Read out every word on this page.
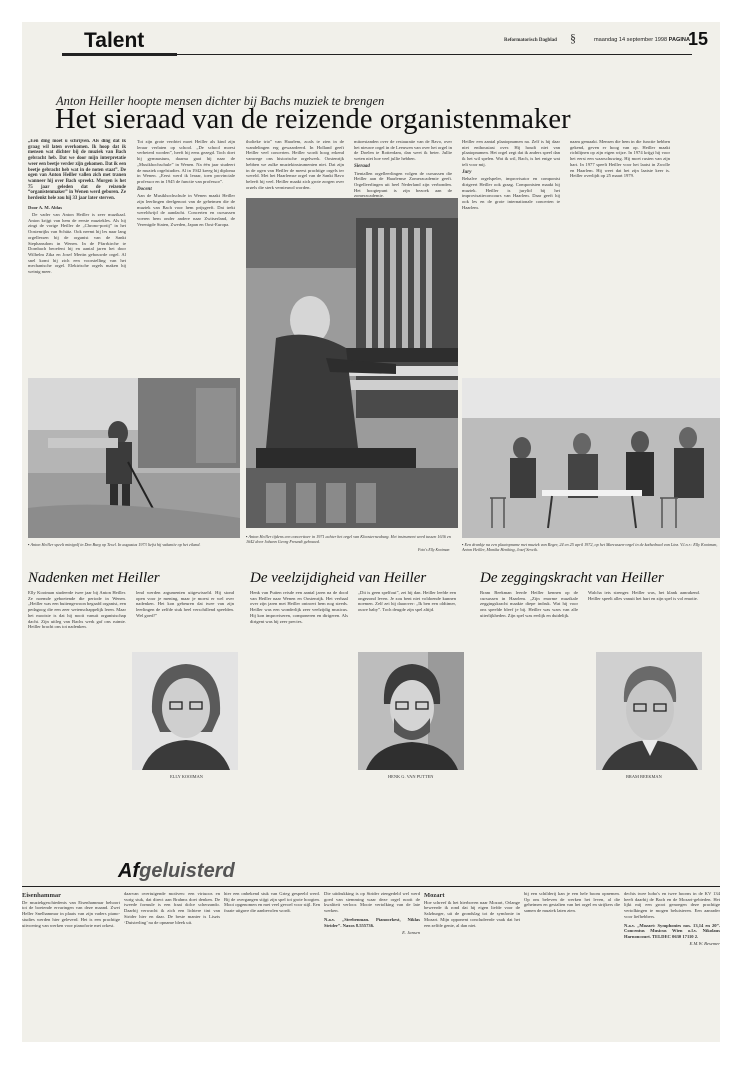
Talent	Reformatorisch Dagblad §	maandag 14 september 1998 PAGINA
15
Anton Heiller hoopte mensen dichter bij Bachs muziek te brengen
Het sieraad van de reizende organistenmaker

„Eén ding moet u schrijven. Als ding dat ik graag wil laten overkomen. Ik hoop dat ik mensen wat dichter bij de muziek van Bach gebracht heb. Dat we door mijn interpretatie weer een beetje verder zijn gekomen. Dat ik een beetje gebracht heb wat in de noten staat”. De ogen van Anton Heiller vallen zich met tranen wanneer hij over Bach spreekt. Morgen is het 75 jaar geleden dat de reizende “organistenmaker” in Wenen werd geboren. Ze herdenkt hele zou hij 33 jaar later sterven.

Door A. M. Ablas

De vader van Anton Heiller is zeer muzikaal. Anton krijgt van hem de eerste muziekles. Als hij zingt de vorige Heiller de „Chrono-portij” in het Oostenrijks van Schütz. Ook neemt hij les naar lang orgellessen bij de organist van de Sankt Stephansdom in Wenen. In de Pfarrkirche te Dornbach beoefent hij en aantal jaren het door Wilhelm Zika en Josef Mertin gebouwde orgel. Al snel komt hij zich een voorstelling van het mechanische orgel. Elektrische orgels maken hij weinig meer.

Tot zijn grote verdriet moet Heiller als kind zijn leraar verlaten op school. „De school moest verbeterd worden”, heeft hij eens gezegd. Toch doet hij gymnasium, daarna gaat hij naar de „Musikhochschule” in Wenen. Na één jaar studeert de muziek orgelstudies. Al in 1942 kreeg hij diploma in Wenen. „Eerst werd ik leraar, toen provinciale professor en in 1945 de functie van professor”.

Docent

Aan de Musikhochschule in Wenen maakt Heiller zijn leerlingen deelgenoot van de geheimen die de muziek van Bach voor hem prijsgeeft. Dat trekt wereldwijd de aandacht. Concerten en cursussen voeren hem onder andere naar Zwitserland, de Verenigde Staten, Zweden, Japan en Oost-Europa.

tholieke trio” van Haarlem, zoals te zien in de wandelingen erg gewaardeerd. In Holland geeft Heiller veel concerten. Heiller wordt hoog erkend vanwege ons historische orgelwerk. Oostenrijk hebben we zulke muziekinstrumenten niet. Dat zijn in de ogen van Heiller de meest prachtige orgels ter wereld. Met het Haarlemse orgel van de Sankt Bavo beleeft hij veel. Heiller maakt zich grote zorgen over orgels die sterk vernieuwd worden.

mitoestanden over de restauratie van de Bavo, over het nieuwe orgel in de Leeuwen van over het orgel in de Doelen te Rotterdam, dan weet ik beter. Jullie weten niet hoe veel jullie hebben.

Sieraad

Tientallen orgelleerlingen volgen de cursussen die Heiller aan de Haarlemse Zomeracademie geeft. Orgelleerlingen uit heel Nederland zijn verbonden. Het hoogtepunt is zijn bezoek aan de zomeracademie.

Heiller een aantal plaatopnamen na. Zelf is hij daar niet enthousiast over. Hij houdt niet van plaatopnamen. Het orgel zegt dat ik anders speel dan ik het wil spelen. Wat ik wil, Bach, is het enige wat telt voor mij.

Jury

Behalve orgelspeler, improvisator en componist dirigeert Heiller ook graag. Componisten maakt hij muziek. Heiller is jurylid bij het improvisatieconcours van Haarlem. Daar geeft hij ook les en de grote internationale concerten te Haarlem.

naam gemaakt. Mensen die hem in die functie hebben gekend, geven er hoog van op. Heiller maakt richtlijnen op zijn eigen wijze. In 1974 krijgt hij voor het eerst een waarschuwing. Hij moet rusten van zijn hart. In 1977 speelt Heiller voor het laatst in Zwolle en Haarlem. Hij weet dat het zijn laatste keer is. Heiller overlijdt op 25 maart 1979.

▪ Anton Heiller tijdens een concerttoer in 1971 achter het orgel van Kloosterneuburg. Het instrument werd tussen 1636 en 1642 door Johann Georg Freundt gebouwd.
Foto's Elly Kooiman
▪ Anton Heiller speelt minigolf in Den Burg op Texel. In augustus 1973 liefst hij vakantie op het eiland.	▪ Een drankje na een plaatopname met muziek van Reger, 24 en 25 april 1972, op het Marcussen-orgel in de kathedraal van Linz. V.l.n.r.: Elly Kooiman, Anton Heiller, Monika Henking, Josef Sevcik.
Nadenken met Heiller

Elly Kooiman studeerde twee jaar bij Anton Heiller. Ze noemde geboeiende die periode in Wenen. „Heiller was een buitengewoon begaafd organist, een pedagoog die een zeer wetenschappelijk leren. Maar het mooiste is dat hij nooit vanuit organistschap dacht. Zijn uitleg van Bachs werk gaf ons ruimte. Heiller bracht ons tot nadenken.

lend werden argumenten uitgewisseld. Hij stond open voor je mening, maar je moest er wel over nadenken. Het kon gebeuren dat twee van zijn leerlingen de zelfde stuk heel verschillend speelden. Wel goed!”

ELLY KOOIMAN
De veelzijdigheid van Heiller

Henk van Putten reisde een aantal jaren na de dood van Heiller naar Wenen en Oostenrijk. Het verhaal over zijn jaren met Heiller ontroert hem nog steeds. Heiller was een wonderlijk zeer veelzijdig musicus. Hij kon improviseren, componeren en dirigeren. Als dirigent was hij zeer precies.

„Dit is geen spelfout”, zei hij dan. Heiller leefde een ongezond leven. Je zou bent niet voldoende kunnen noemen. Zelf zei hij daarover: „Ik ben een oldtimer, ouwe baby”. Toch deugde zijn spel altijd.

HENK G. VAN PUTTEN
De zeggingskracht van Heiller

Bram Beekman leerde Heiller kennen op de cursussen in Haarlem. „Zijn enorme muzikale zeggingskracht maakte diepe indruk. Wat hij voor ons speelde bleef je bij. Heiller was wars van alle uiterlijkheden. Zijn spel was eerlijk en duidelijk.

Walcha iets strenger. Heiller was, het klank aanrakend. Heiller speelt alles vanuit het hart en zijn spel is vol emotie.

BRAM BEEKMAN
Afgeluisterd
Eisenhammar

De muziekgeschiedenis van Eisenhammar behoort tot de boeiende ervaringen van deze maand. Zwei Heller Snelhammar in plaats van zijn vaders piano-studies werden hier geleverd. Het is een prachtige uitvoering van werken voor pianoforte met orkest.

daarvan overtuigende motiven: een virtuoos en vurig stuk, dat direct aan Brahms doet denken. De tweede formule is een fraai dolce scherzando. Daarbij verwacht ik zich een lichtere tint van Strider hier en daar. De beste manier is Liszts ‘Duisterling’ na de opname bleek uit.

hier een onbekend stuk van Grieg gespeeld werd. Bij de overgangen stijgt zijn spel tot grote hoogten. Mooi opgenomen en met veel gevoel voor stijl. Een fraaie uitgave die aanbevolen wordt.

Die uitdrukking is op Strider ziengedeld wel werd goed van stemming waar deze orgel nooit de kwaliteit verloor. Mooie vertolking van de late werken.

N.a.v. „Strebenman. Pianoorkest, Niklas Strider”. Naxos 8.555736.

E. Jansen

Mozart

Hoe schreef ik het hierboven naar Mozart, Orlange beweerde ik rond dat hij eigen liefde voor de Salzburger, uit de grondslag tot de symfonie in Mozart. Mijn opponent concludeerde vaak dat het een zelfde genie, al dan niet.

bij een schilderij kan je een hele boom opnemen. Op ons beleven de werken het leven, al die geheimen en gestalten van het orgel en strijkers die samen de muziek laten zien.

dechts twee hobo's en twee hoorns in de KV 134 heeft daarbij de Bach en de Mozart-gebieden. Het lijkt mij een groot genoegen deze prachtige vertolkingen te mogen beluisteren. Een aanrader voor liefhebbers.

N.a.v. „Mozart: Symphonies nos. 13,14 en 20”. Concentus Musicus Wien o.l.v. Nikolaus Harnoncourt. TELDEC 0630 17110 2.

E.M.W. Besemer
